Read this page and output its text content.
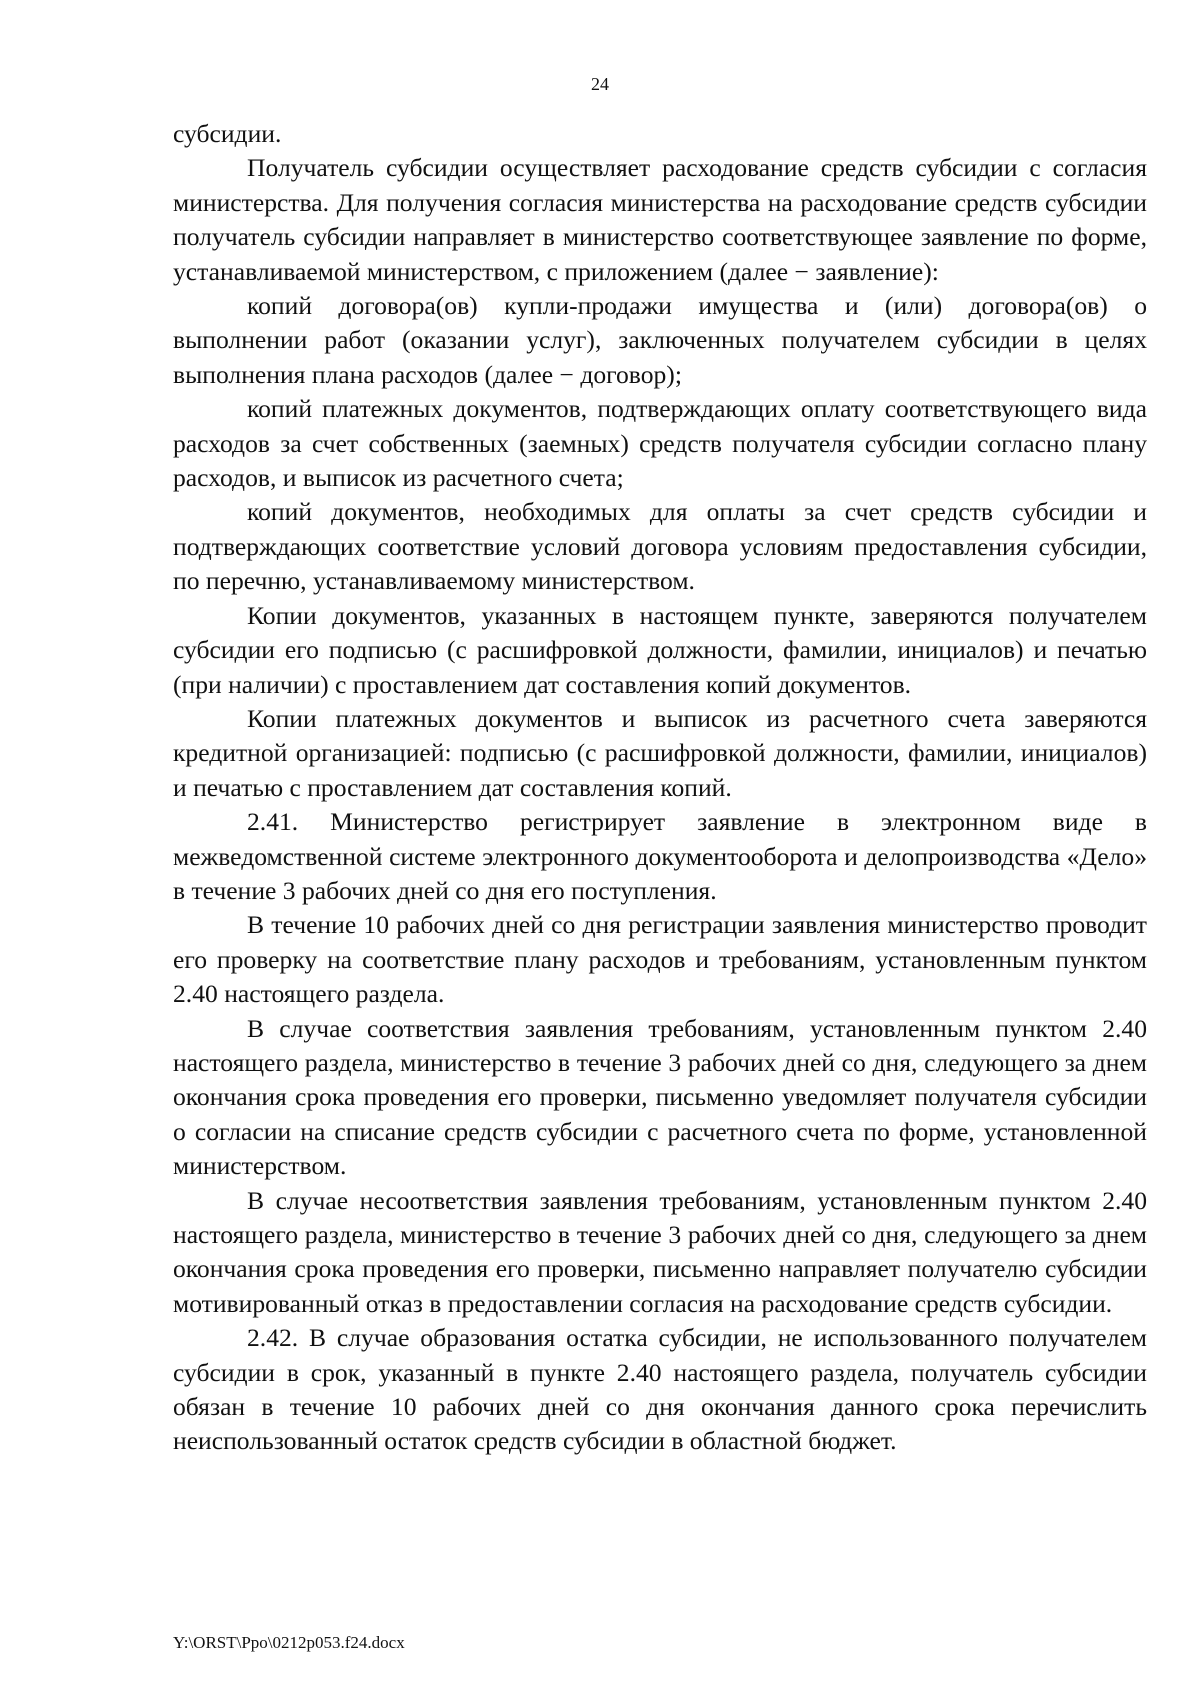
24

субсидии.

Получатель субсидии осуществляет расходование средств субсидии с согласия министерства. Для получения согласия министерства на расходование средств субсидии получатель субсидии направляет в министерство соответствующее заявление по форме, устанавливаемой министерством, с приложением (далее − заявление):

копий договора(ов) купли-продажи имущества и (или) договора(ов) о выполнении работ (оказании услуг), заключенных получателем субсидии в целях выполнения плана расходов (далее − договор);

копий платежных документов, подтверждающих оплату соответствующего вида расходов за счет собственных (заемных) средств получателя субсидии согласно плану расходов, и выписок из расчетного счета;

копий документов, необходимых для оплаты за счет средств субсидии и подтверждающих соответствие условий договора условиям предоставления субсидии, по перечню, устанавливаемому министерством.

Копии документов, указанных в настоящем пункте, заверяются получателем субсидии его подписью (с расшифровкой должности, фамилии, инициалов) и печатью (при наличии) с проставлением дат составления копий документов.

Копии платежных документов и выписок из расчетного счета заверяются кредитной организацией: подписью (с расшифровкой должности, фамилии, инициалов) и печатью с проставлением дат составления копий.

2.41. Министерство регистрирует заявление в электронном виде в межведомственной системе электронного документооборота и делопроизводства «Дело» в течение 3 рабочих дней со дня его поступления.

В течение 10 рабочих дней со дня регистрации заявления министерство проводит его проверку на соответствие плану расходов и требованиям, установленным пунктом 2.40 настоящего раздела.

В случае соответствия заявления требованиям, установленным пунктом 2.40 настоящего раздела, министерство в течение 3 рабочих дней со дня, следующего за днем окончания срока проведения его проверки, письменно уведомляет получателя субсидии о согласии на списание средств субсидии с расчетного счета по форме, установленной министерством.

В случае несоответствия заявления требованиям, установленным пунктом 2.40 настоящего раздела, министерство в течение 3 рабочих дней со дня, следующего за днем окончания срока проведения его проверки, письменно направляет получателю субсидии мотивированный отказ в предоставлении согласия на расходование средств субсидии.

2.42. В случае образования остатка субсидии, не использованного получателем субсидии в срок, указанный в пункте 2.40 настоящего раздела, получатель субсидии обязан в течение 10 рабочих дней со дня окончания данного срока перечислить неиспользованный остаток средств субсидии в областной бюджет.

Y:\ORST\Ppo\0212p053.f24.docx
